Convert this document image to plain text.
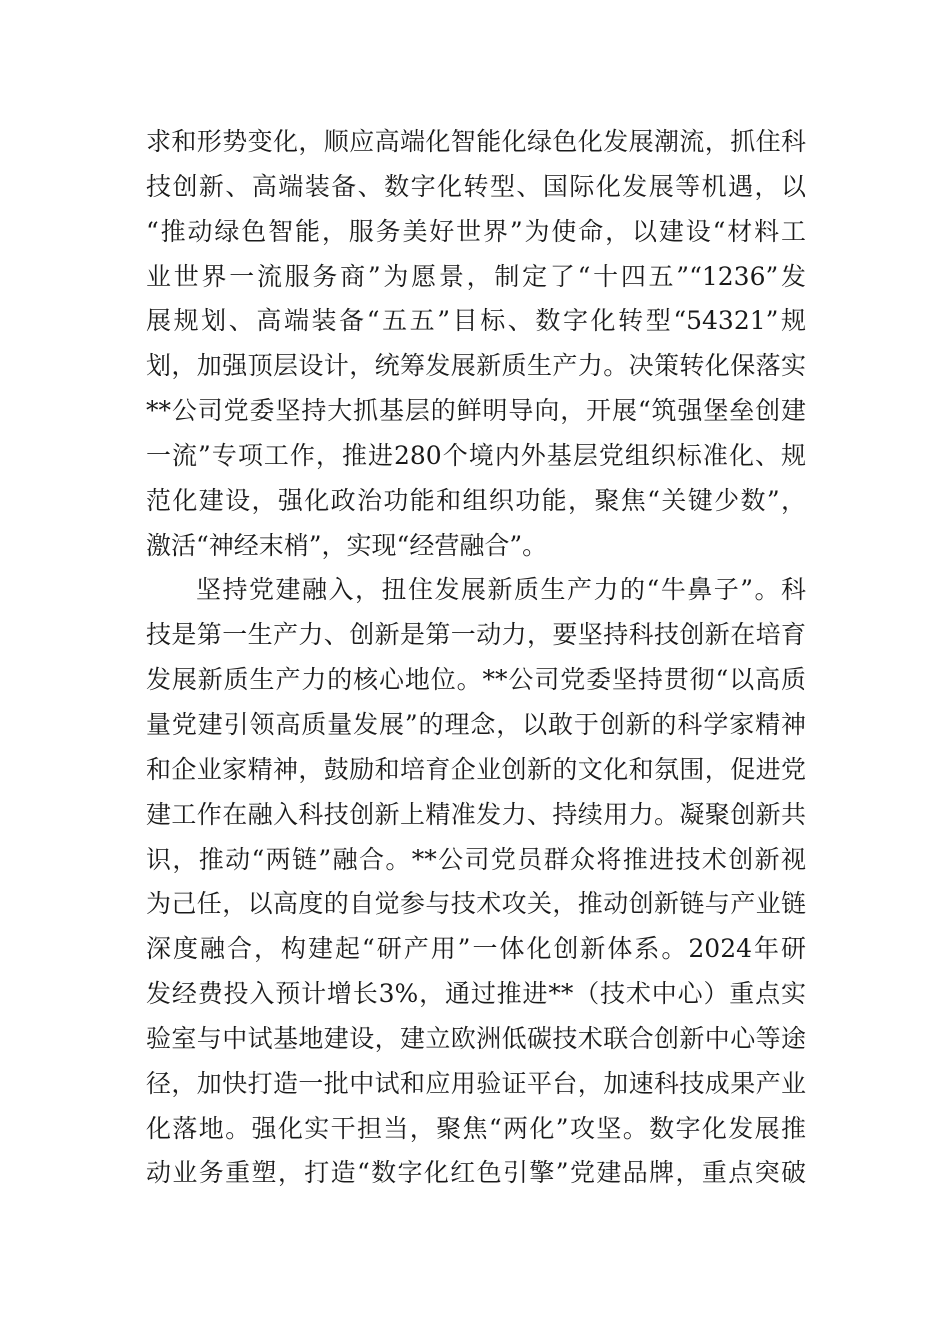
求和形势变化，顺应高端化智能化绿色化发展潮流，抓住科
技创新、高端装备、数字化转型、国际化发展等机遇，以
“推动绿色智能，服务美好世界”为使命，以建设“材料工
业世界一流服务商”为愿景，制定了“十四五”“1236”发
展规划、高端装备“五五”目标、数字化转型“54321”规
划，加强顶层设计，统筹发展新质生产力。决策转化保落实
**公司党委坚持大抓基层的鲜明导向，开展“筑强堡垒创建
一流”专项工作，推进280个境内外基层党组织标准化、规
范化建设，强化政治功能和组织功能，聚焦“关键少数”，
激活“神经末梢”，实现“经营融合”。
坚持党建融入，扭住发展新质生产力的“牛鼻子”。科
技是第一生产力、创新是第一动力，要坚持科技创新在培育
发展新质生产力的核心地位。**公司党委坚持贯彻“以高质
量党建引领高质量发展”的理念，以敢于创新的科学家精神
和企业家精神，鼓励和培育企业创新的文化和氛围，促进党
建工作在融入科技创新上精准发力、持续用力。凝聚创新共
识，推动“两链”融合。**公司党员群众将推进技术创新视
为己任，以高度的自觉参与技术攻关，推动创新链与产业链
深度融合，构建起“研产用”一体化创新体系。2024年研
发经费投入预计增长3%，通过推进**（技术中心）重点实
验室与中试基地建设，建立欧洲低碳技术联合创新中心等途
径，加快打造一批中试和应用验证平台，加速科技成果产业
化落地。强化实干担当，聚焦“两化”攻坚。数字化发展推
动业务重塑，打造“数字化红色引擎”党建品牌，重点突破
